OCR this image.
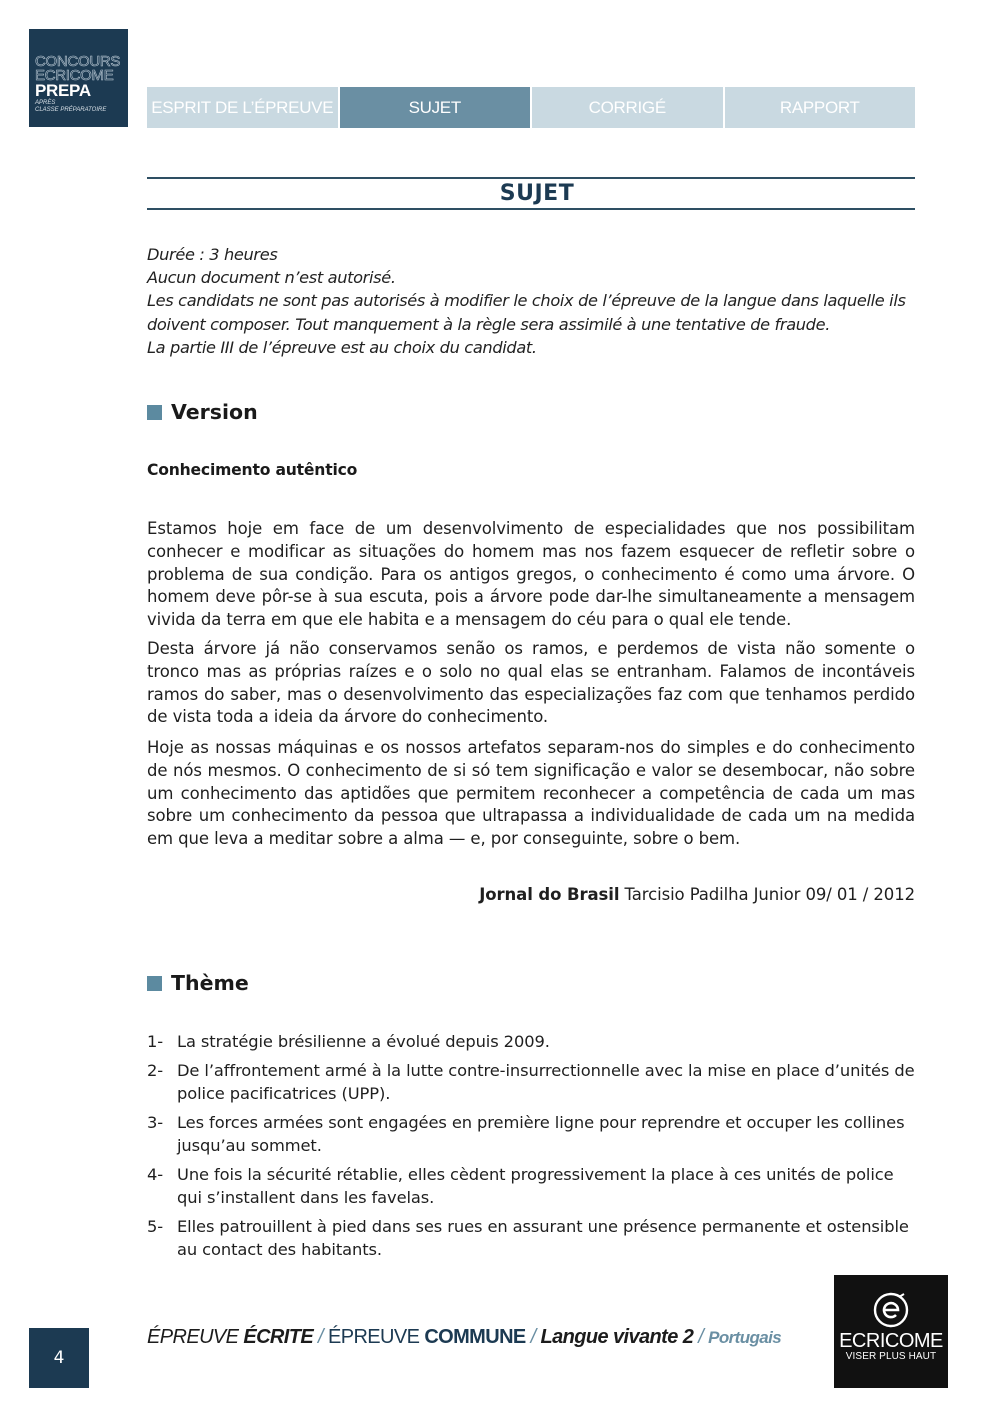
CONCOURS
ECRICOME
PREPA
APRÈS
CLASSE PRÉPARATOIRE	ESPRIT DE L’ÉPREUVE	SUJET	CORRIGÉ	RAPPORT
SUJET
Durée : 3 heures
Aucun document n’est autorisé.
Les candidats ne sont pas autorisés à modifier le choix de l’épreuve de la langue dans laquelle ils
doivent composer. Tout manquement à la règle sera assimilé à une tentative de fraude.
La partie III de l’épreuve est au choix du candidat.
Version
Conhecimento autêntico
Estamos hoje em face de um desenvolvimento de especialidades que nos possibilitam conhecer e modificar as situações do homem mas nos fazem esquecer de refletir sobre o problema de sua condição. Para os antigos gregos, o conhecimento é como uma árvore. O homem deve pôr-se à sua escuta, pois a árvore pode dar-lhe simultaneamente a mensagem vivida da terra em que ele habita e a mensagem do céu para o qual ele tende.
Desta árvore já não conservamos senão os ramos, e perdemos de vista não somente o tronco mas as próprias raízes e o solo no qual elas se entranham. Falamos de incontáveis ramos do saber, mas o desenvolvimento das especializações faz com que tenhamos perdido de vista toda a ideia da árvore do conhecimento.
Hoje as nossas máquinas e os nossos artefatos separam-nos do simples e do conhecimento de nós mesmos. O conhecimento de si só tem significação e valor se desembocar, não sobre um conhecimento das aptidões que permitem reconhecer a competência de cada um mas sobre um conhecimento da pessoa que ultrapassa a individualidade de cada um na medida em que leva a meditar sobre a alma — e, por conseguinte, sobre o bem.
Jornal do Brasil Tarcisio Padilha Junior 09/ 01 / 2012
Thème
1- La stratégie brésilienne a évolué depuis 2009.
2- De l’affrontement armé à la lutte contre-insurrectionnelle avec la mise en place d’unités de police pacificatrices (UPP).
3- Les forces armées sont engagées en première ligne pour reprendre et occuper les collines jusqu’au sommet.
4- Une fois la sécurité rétablie, elles cèdent progressivement la place à ces unités de police qui s’installent dans les favelas.
5- Elles patrouillent à pied dans ses rues en assurant une présence permanente et ostensible au contact des habitants.
4
ÉPREUVE ÉCRITE / ÉPREUVE COMMUNE / Langue vivante 2 / Portugais	ECRICOME
VISER PLUS HAUT
